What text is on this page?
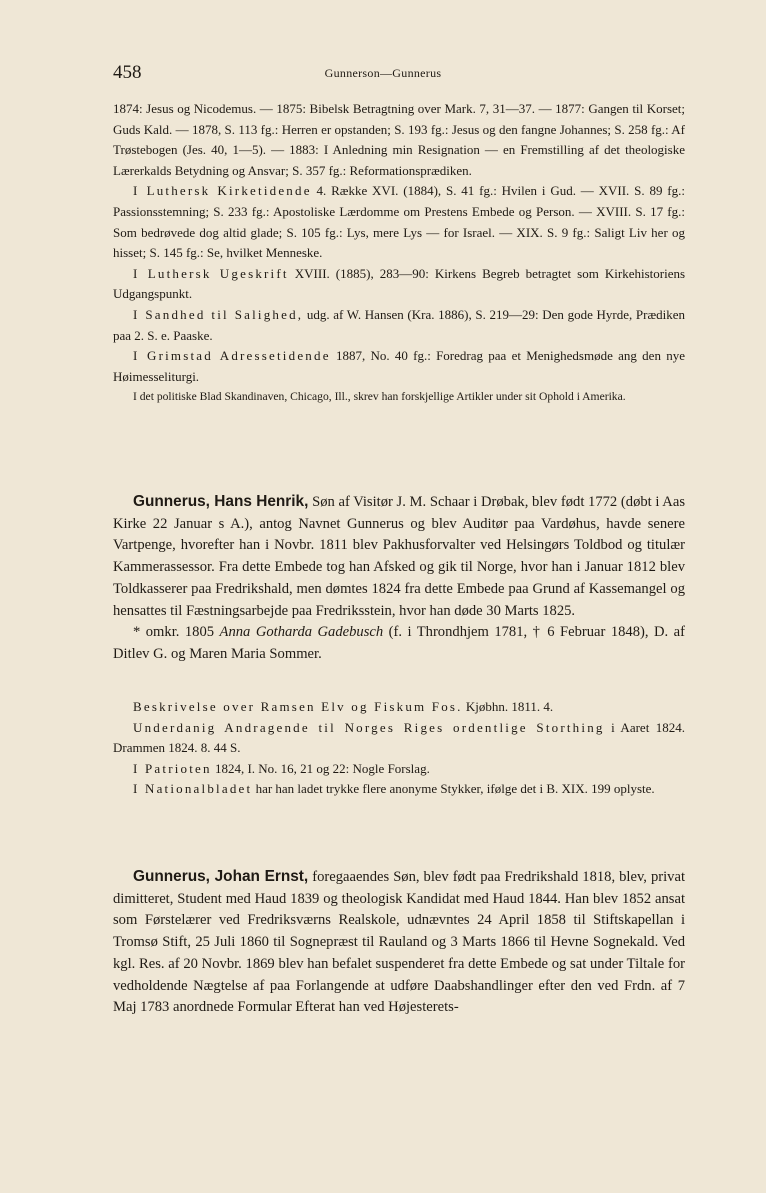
458	Gunnerson—Gunnerus

1874: Jesus og Nicodemus. — 1875: Bibelsk Betragtning over Mark. 7, 31—37. — 1877: Gangen til Korset; Guds Kald. — 1878, S. 113 fg.: Herren er opstanden; S. 193 fg.: Jesus og den fangne Johannes; S. 258 fg.: Af Trøstebogen (Jes. 40, 1—5). — 1883: I Anledning min Resignation — en Fremstilling af det theologiske Lærerkalds Betydning og Ansvar; S. 357 fg.: Reformationsprædiken.

I Luthersk Kirketidende 4. Række XVI. (1884), S. 41 fg.: Hvilen i Gud. — XVII. S. 89 fg.: Passionsstemning; S. 233 fg.: Apostoliske Lærdomme om Prestens Embede og Person. — XVIII. S. 17 fg.: Som bedrøvede dog altid glade; S. 105 fg.: Lys, mere Lys — for Israel. — XIX. S. 9 fg.: Saligt Liv her og hisset; S. 145 fg.: Se, hvilket Menneske.

I Luthersk Ugeskrift XVIII. (1885), 283—90: Kirkens Begreb betragtet som Kirkehistoriens Udgangspunkt.

I Sandhed til Salighed, udg. af W. Hansen (Kra. 1886), S. 219—29: Den gode Hyrde, Prædiken paa 2. S. e. Paaske.

I Grimstad Adressetidende 1887, No. 40 fg.: Foredrag paa et Menighedsmøde ang den nye Høimesseliturgi.

I det politiske Blad Skandinaven, Chicago, Ill., skrev han forskjellige Artikler under sit Ophold i Amerika.

Gunnerus, Hans Henrik, Søn af Visitør J. M. Schaar i Drøbak, blev født 1772 (døbt i Aas Kirke 22 Januar s A.), antog Navnet Gunnerus og blev Auditør paa Vardøhus, havde senere Vartpenge, hvorefter han i Novbr. 1811 blev Pakhusforvalter ved Helsingørs Toldbod og titulær Kammerassessor. Fra dette Embede tog han Afsked og gik til Norge, hvor han i Januar 1812 blev Toldkasserer paa Fredrikshald, men dømtes 1824 fra dette Embede paa Grund af Kassemangel og hensattes til Fæstningsarbejde paa Fredriksstein, hvor han døde 30 Marts 1825.

* omkr. 1805 Anna Gotharda Gadebusch (f. i Throndhjem 1781, † 6 Februar 1848), D. af Ditlev G. og Maren Maria Sommer.

Beskrivelse over Ramsen Elv og Fiskum Fos. Kjøbhn. 1811. 4.

Underdanig Andragende til Norges Riges ordentlige Storthing i Aaret 1824. Drammen 1824. 8. 44 S.

I Patrioten 1824, I. No. 16, 21 og 22: Nogle Forslag.

I Nationalbladet har han ladet trykke flere anonyme Stykker, ifølge det i B. XIX. 199 oplyste.

Gunnerus, Johan Ernst, foregaaendes Søn, blev født paa Fredrikshald 1818, blev, privat dimitteret, Student med Haud 1839 og theologisk Kandidat med Haud 1844. Han blev 1852 ansat som Førstelærer ved Fredriksværns Realskole, udnævntes 24 April 1858 til Stiftskapellan i Tromsø Stift, 25 Juli 1860 til Sognepræst til Rauland og 3 Marts 1866 til Hevne Sognekald. Ved kgl. Res. af 20 Novbr. 1869 blev han befalet suspenderet fra dette Embede og sat under Tiltale for vedholdende Nægtelse af paa Forlangende at udføre Daabshandlinger efter den ved Frdn. af 7 Maj 1783 anordnede Formular Efterat han ved Højesterets-
